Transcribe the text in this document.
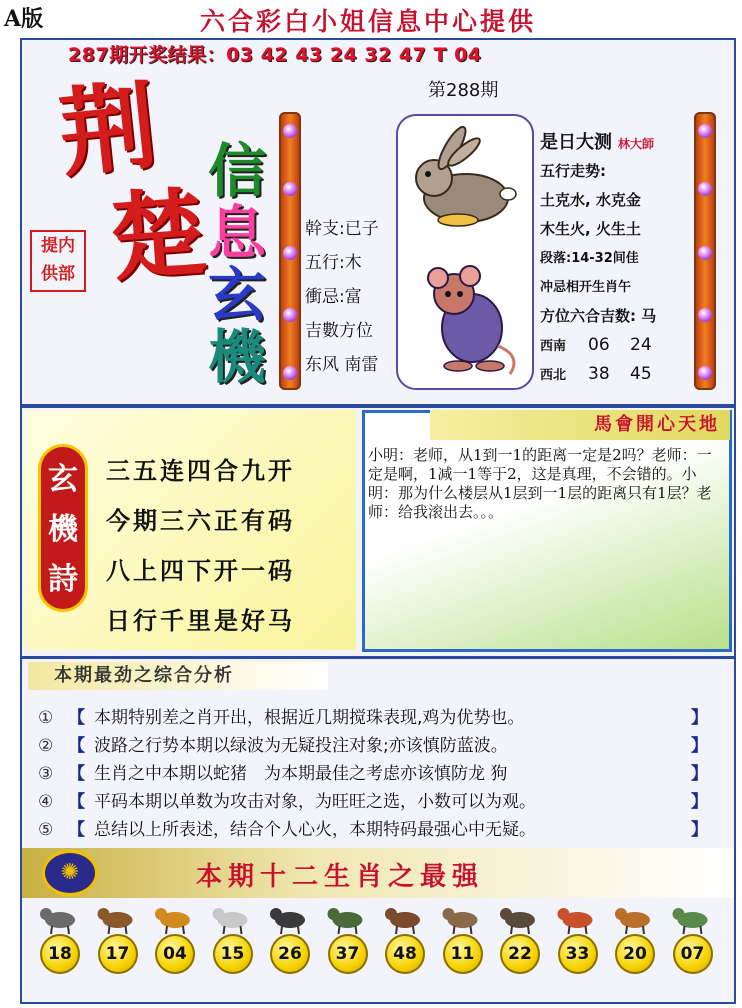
A版	六合彩白小姐信息中心提供
287期开奖结果：03 42 43 24 32 47 T 04
第288期
荆
楚
提内
供部
信
息
玄
機
幹支:已子
五行:木
衝忌:富
吉數方位
东风 南雷
是日大测 林大師
五行走势:
土克水, 水克金
木生火, 火生土
段落:14-32间佳
冲忌相开生肖午
方位六合吉数: 马
西南 06 24
西北 38 45
玄
機
詩
三五连四合九开
今期三六正有码
八上四下开一码
日行千里是好马
馬會開心天地
小明：老师，从1到一1的距离一定是2吗？老师：一定是啊，1减一1等于2，这是真理，不会错的。小明：那为什么楼层从1层到一1层的距离只有1层？老师：给我滚出去。。。
本期最劲之综合分析
① 【 本期特别差之肖开出，根据近几期搅珠表现,鸡为优势也。	】
② 【 波路之行势本期以绿波为无疑投注对象;亦该慎防蓝波。	】
③ 【 生肖之中本期以蛇猪　为本期最佳之考虑亦该慎防龙 狗	】
④ 【 平码本期以单数为攻击对象，为旺旺之选，小数可以为观。	】
⑤ 【 总结以上所表述，结合个人心火，本期特码最强心中无疑。	】
✺	本期十二生肖之最强
18	17	04	15	26	37	48	11	22	33	20	07
